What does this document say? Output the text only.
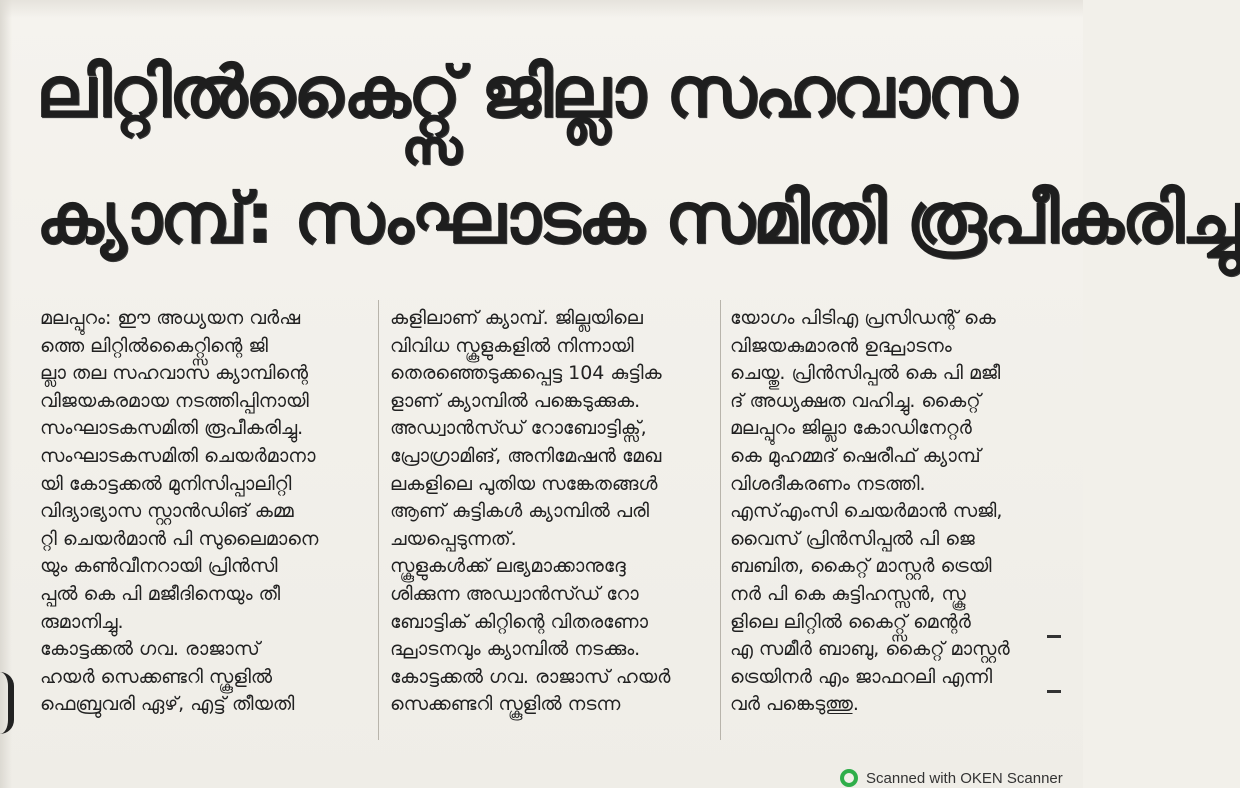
ലിറ്റിൽകൈറ്റ്സ് ജില്ലാ സഹവാസ
ക്യാമ്പ്: സംഘാടക സമിതി രൂപീകരിച്ചു
മലപ്പുറം: ഈ അധ്യയന വർഷ
ത്തെ ലിറ്റിൽകൈറ്റ്സിന്റെ ജി
ല്ലാ തല സഹവാസ ക്യാമ്പിന്റെ
വിജയകരമായ നടത്തിപ്പിനായി
സംഘാടകസമിതി രൂപീകരിച്ചു.
സംഘാടകസമിതി ചെയർമാനാ
യി കോട്ടക്കൽ മുനിസിപ്പാലിറ്റി
വിദ്യാഭ്യാസ സ്റ്റാൻഡിങ് കമ്മ
റ്റി ചെയർമാൻ പി സുലൈമാനെ
യും കൺവീനറായി പ്രിൻസി
പ്പൽ കെ പി മജീദിനെയും തീ
രുമാനിച്ചു.
കോട്ടക്കൽ ഗവ. രാജാസ്
ഹയർ സെക്കണ്ടറി സ്കൂളിൽ
ഫെബ്രുവരി ഏഴ്, എട്ട് തീയതി
കളിലാണ് ക്യാമ്പ്. ജില്ലയിലെ
വിവിധ സ്കൂളുകളിൽ നിന്നായി
തെരഞ്ഞെടുക്കപ്പെട്ട 104 കുട്ടിക
ളാണ് ക്യാമ്പിൽ പങ്കെടുക്കുക.
അഡ്വാൻസ്ഡ് റോബോട്ടിക്സ്,
പ്രോഗ്രാമിങ്, അനിമേഷൻ മേഖ
ലകളിലെ പുതിയ സങ്കേതങ്ങൾ
ആണ് കുട്ടികൾ ക്യാമ്പിൽ പരി
ചയപ്പെടുന്നത്.
സ്കൂളുകൾക്ക് ലഭ്യമാക്കാനുദ്ദേ
ശിക്കുന്ന അഡ്വാൻസ്ഡ് റോ
ബോട്ടിക് കിറ്റിന്റെ വിതരണോ
ദ്ഘാടനവും ക്യാമ്പിൽ നടക്കും.
കോട്ടക്കൽ ഗവ. രാജാസ് ഹയർ
സെക്കണ്ടറി സ്കൂളിൽ നടന്ന
യോഗം പിടിഎ പ്രസിഡന്റ് കെ
വിജയകുമാരൻ ഉദ്ഘാടനം
ചെയ്തു. പ്രിൻസിപ്പൽ കെ പി മജീ
ദ് അധ്യക്ഷത വഹിച്ചു. കൈറ്റ്
മലപ്പുറം ജില്ലാ കോഡിനേറ്റർ
കെ മുഹമ്മദ് ഷെരീഫ് ക്യാമ്പ്
വിശദീകരണം നടത്തി.
എസ്എംസി ചെയർമാൻ സജി,
വൈസ് പ്രിൻസിപ്പൽ പി ജെ
ബബിത, കൈറ്റ് മാസ്റ്റർ ട്രെയി
നർ പി കെ കുട്ടിഹസ്സൻ, സ്കൂ
ളിലെ ലിറ്റിൽ കൈറ്റ്സ് മെന്റർ
എ സമീർ ബാബു, കൈറ്റ് മാസ്റ്റർ
ട്രെയിനർ എം ജാഫറലി എന്നി
വർ പങ്കെടുത്തു.
Scanned with OKEN Scanner
